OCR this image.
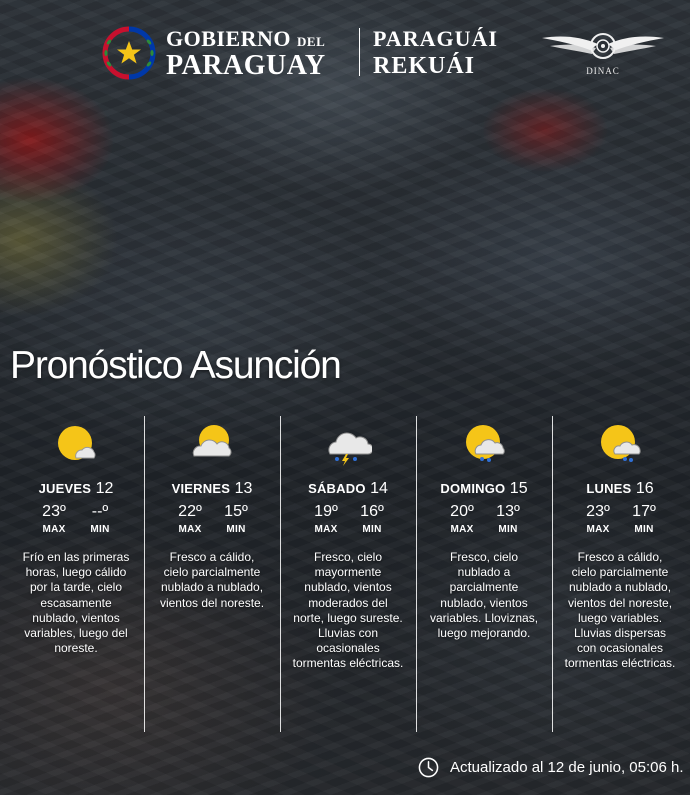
GOBIERNO DEL
PARAGUAY
PARAGUÁI
REKUÁI	DINAC
Pronóstico Asunción
JUEVES 12
23º
MAX
--º
MIN

Frío en las primeras horas, luego cálido por la tarde, cielo escasamente nublado, vientos variables, luego del noreste.

VIERNES 13
22º
MAX
15º
MIN

Fresco a cálido, cielo parcialmente nublado a nublado, vientos del noreste.

SÁBADO 14
19º
MAX
16º
MIN

Fresco, cielo mayormente nublado, vientos moderados del norte, luego sureste. Lluvias con ocasionales tormentas eléctricas.

DOMINGO 15
20º
MAX
13º
MIN

Fresco, cielo nublado a parcialmente nublado, vientos variables. Lloviznas, luego mejorando.

LUNES 16
23º
MAX
17º
MIN

Fresco a cálido, cielo parcialmente nublado a nublado, vientos del noreste, luego variables. Lluvias dispersas con ocasionales tormentas eléctricas.

Actualizado al 12 de junio, 05:06 h.
